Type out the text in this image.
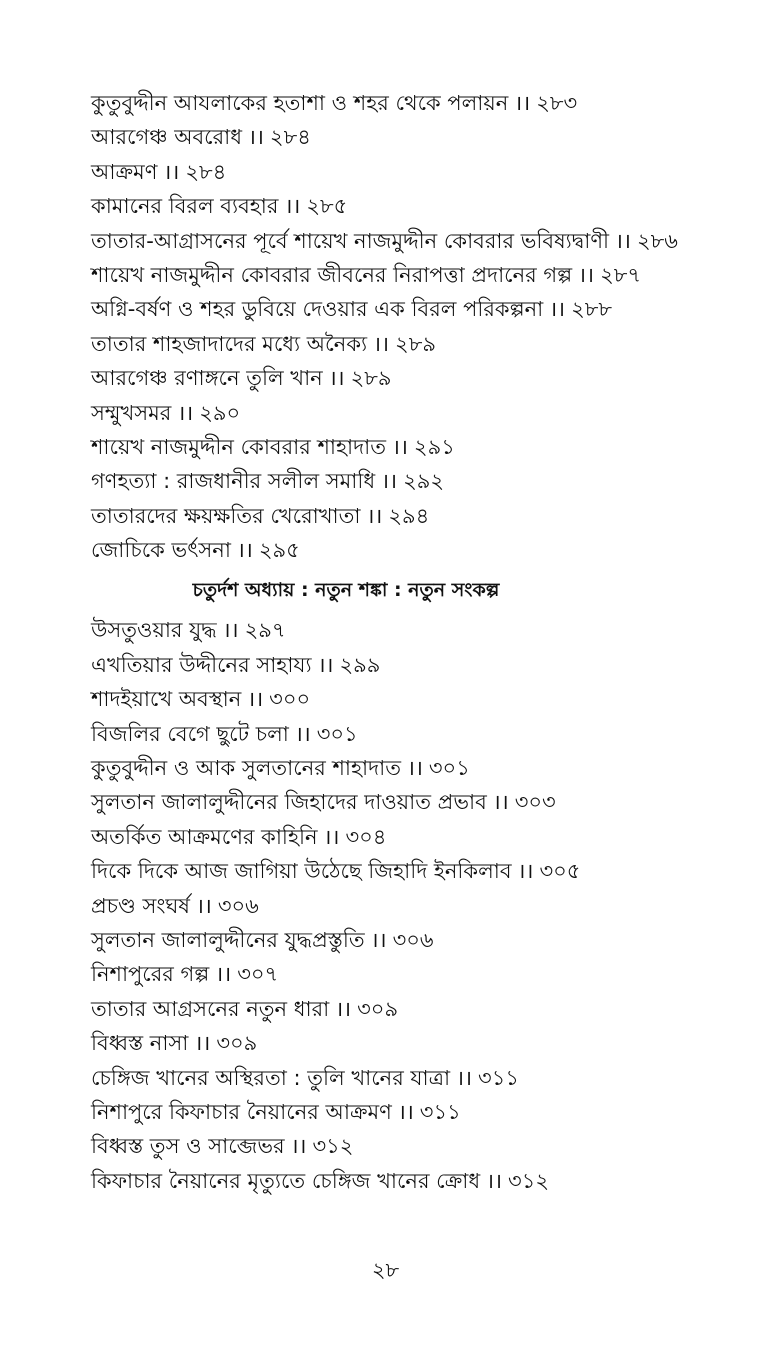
কুতুবুদ্দীন আযলাকের হতাশা ও শহর থেকে পলায়ন ।। ২৮৩
আরগেঞ্চ অবরোধ ।। ২৮৪
আক্রমণ ।। ২৮৪
কামানের বিরল ব্যবহার ।। ২৮৫
তাতার-আগ্রাসনের পূর্বে শায়েখ নাজমুদ্দীন কোবরার ভবিষ্যদ্বাণী ।। ২৮৬
শায়েখ নাজমুদ্দীন কোবরার জীবনের নিরাপত্তা প্রদানের গল্প ।। ২৮৭
অগ্নি-বর্ষণ ও শহর ডুবিয়ে দেওয়ার এক বিরল পরিকল্পনা ।। ২৮৮
তাতার শাহজাদাদের মধ্যে অনৈক্য ।। ২৮৯
আরগেঞ্চ রণাঙ্গনে তুলি খান ।। ২৮৯
সম্মুখসমর ।। ২৯০
শায়েখ নাজমুদ্দীন কোবরার শাহাদাত ।। ২৯১
গণহত্যা : রাজধানীর সলীল সমাধি ।। ২৯২
তাতারদের ক্ষয়ক্ষতির খেরোখাতা ।। ২৯৪
জোচিকে ভর্ৎসনা ।। ২৯৫
চতুর্দশ অধ্যায় : নতুন শঙ্কা : নতুন সংকল্প
উসতুওয়ার যুদ্ধ ।। ২৯৭
এখতিয়ার উদ্দীনের সাহায্য ।। ২৯৯
শাদইয়াখে অবস্থান ।। ৩০০
বিজলির বেগে ছুটে চলা ।। ৩০১
কুতুবুদ্দীন ও আক সুলতানের শাহাদাত ।। ৩০১
সুলতান জালালুদ্দীনের জিহাদের দাওয়াত প্রভাব ।। ৩০৩
অতর্কিত আক্রমণের কাহিনি ।। ৩০৪
দিকে দিকে আজ জাগিয়া উঠেছে জিহাদি ইনকিলাব ।। ৩০৫
প্রচণ্ড সংঘর্ষ ।। ৩০৬
সুলতান জালালুদ্দীনের যুদ্ধপ্রস্তুতি ।। ৩০৬
নিশাপুরের গল্প ।। ৩০৭
তাতার আগ্রসনের নতুন ধারা ।। ৩০৯
বিধ্বস্ত নাসা ।। ৩০৯
চেঙ্গিজ খানের অস্থিরতা : তুলি খানের যাত্রা ।। ৩১১
নিশাপুরে কিফাচার নৈয়ানের আক্রমণ ।। ৩১১
বিধ্বস্ত তুস ও সাব্জেভর ।। ৩১২
কিফাচার নৈয়ানের মৃত্যুতে চেঙ্গিজ খানের ক্রোধ ।। ৩১২
২৮
